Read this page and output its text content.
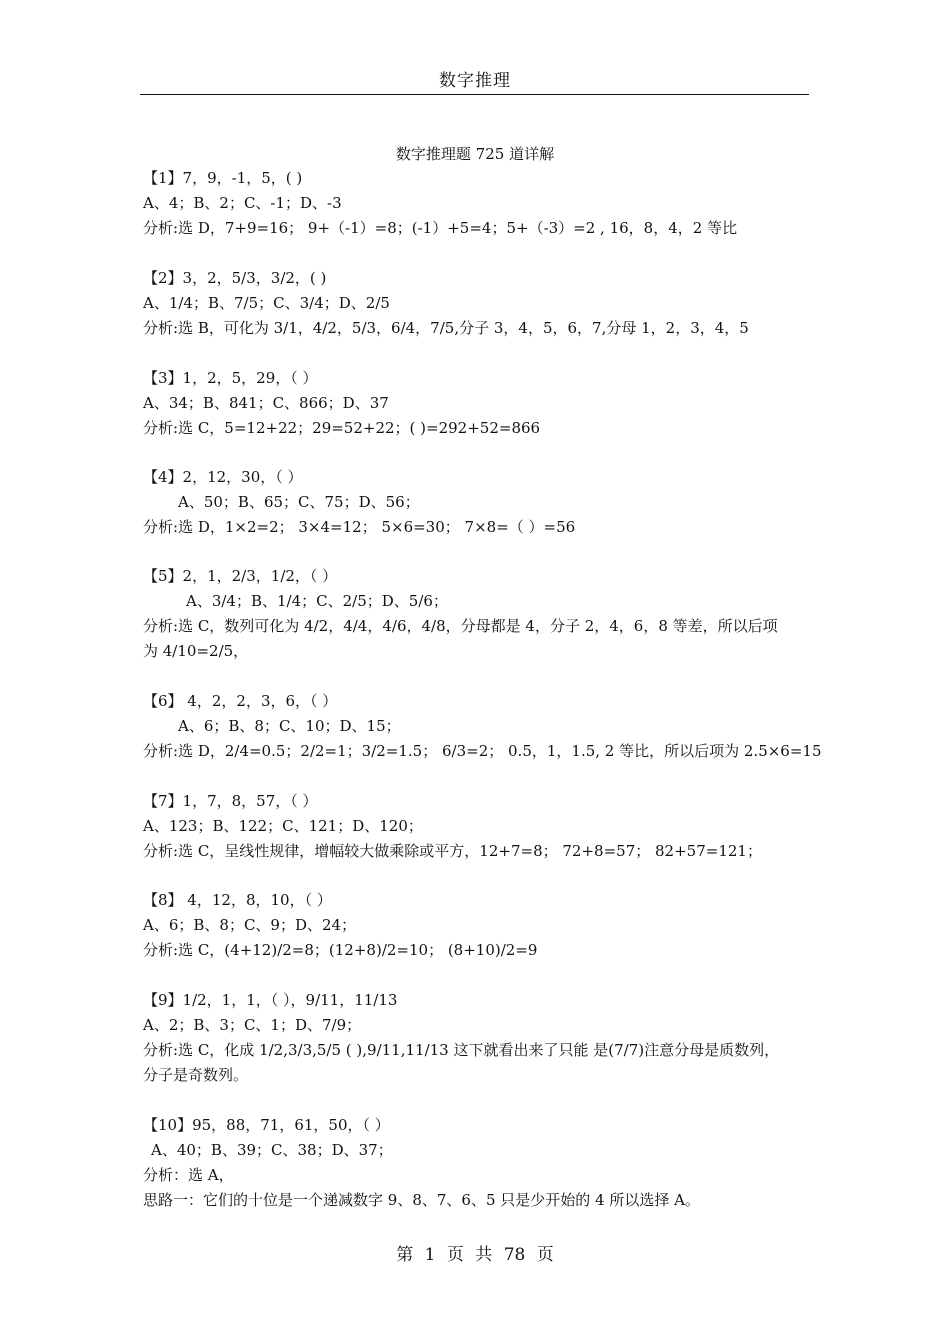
数字推理
数字推理题 725 道详解
【1】7，9，-1，5，( )
A、4；B、2；C、-1；D、-3
分析:选 D，7+9=16； 9+（-1）=8；(-1）+5=4；5+（-3）=2 , 16，8，4，2 等比
【2】3，2，5/3，3/2，( )
A、1/4；B、7/5；C、3/4；D、2/5
分析:选 B，可化为 3/1，4/2，5/3，6/4，7/5,分子 3，4，5，6，7,分母 1，2，3，4，5
【3】1，2，5，29，（ ）
A、34；B、841；C、866；D、37
分析:选 C，5=12+22；29=52+22；( )=292+52=866
【4】2，12，30，（ ）
A、50；B、65；C、75；D、56；
分析:选 D，1×2=2； 3×4=12； 5×6=30； 7×8=（ ）=56
【5】2，1，2/3，1/2，（ ）
A、3/4；B、1/4；C、2/5；D、5/6；
分析:选 C，数列可化为 4/2，4/4，4/6，4/8，分母都是 4，分子 2，4，6，8 等差，所以后项
为 4/10=2/5，
【6】 4，2，2，3，6，（ ）
A、6；B、8；C、10；D、15；
分析:选 D，2/4=0.5；2/2=1；3/2=1.5； 6/3=2； 0.5，1，1.5, 2 等比，所以后项为 2.5×6=15
【7】1，7，8，57，（ ）
A、123；B、122；C、121；D、120；
分析:选 C，呈线性规律，增幅较大做乘除或平方，12+7=8； 72+8=57； 82+57=121；
【8】 4，12，8，10，（ ）
A、6；B、8；C、9；D、24；
分析:选 C，(4+12)/2=8；(12+8)/2=10； (8+10)/2=9
【9】1/2，1，1，（ ），9/11，11/13
A、2；B、3；C、1；D、7/9；
分析:选 C，化成 1/2,3/3,5/5 ( ),9/11,11/13 这下就看出来了只能 是(7/7)注意分母是质数列，
分子是奇数列。
【10】95，88，71，61，50，（ ）
A、40；B、39；C、38；D、37；
分析：选 A，
思路一：它们的十位是一个递减数字 9、8、7、6、5 只是少开始的 4 所以选择 A。
第 1 页 共 78 页
